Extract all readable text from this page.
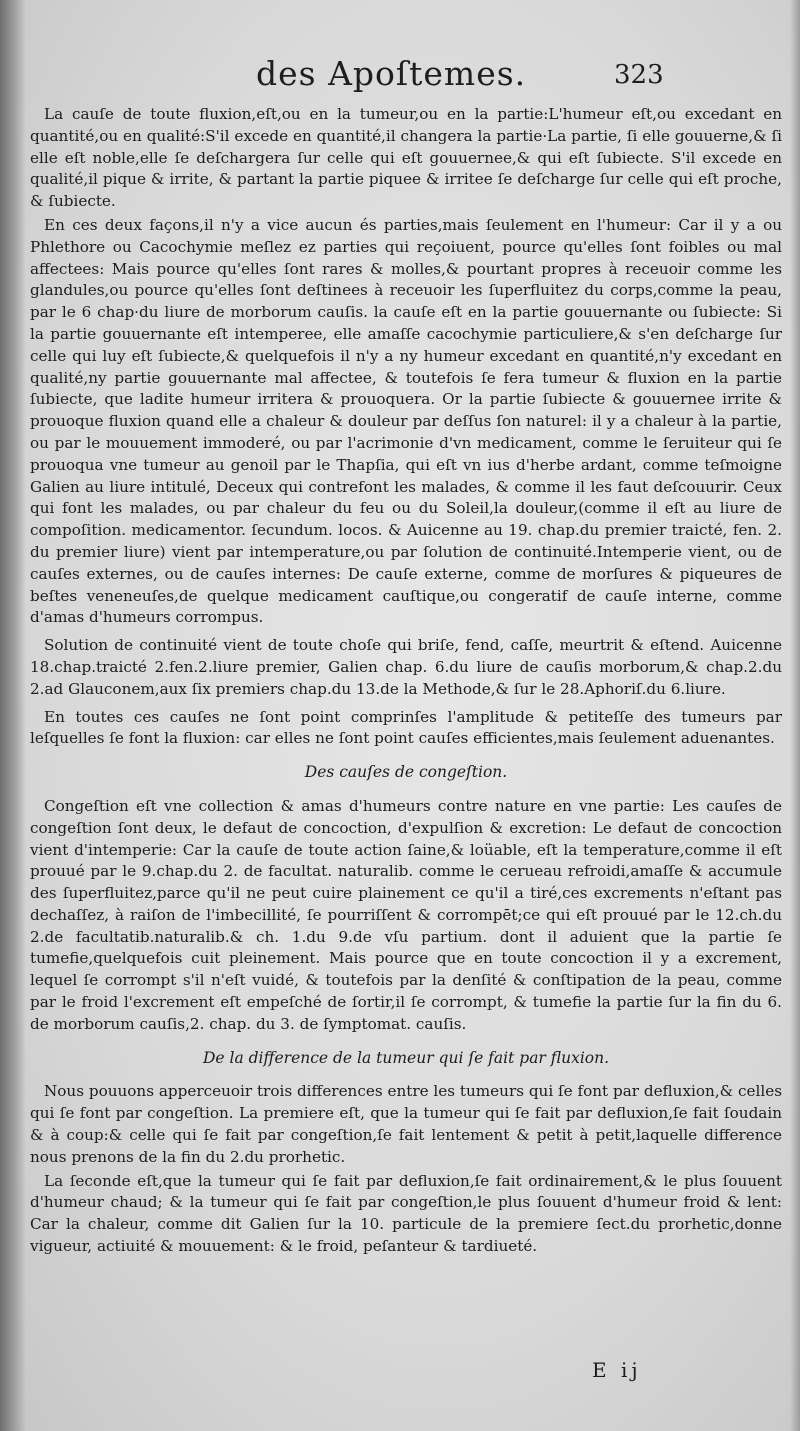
des Apoſtemes.	323

La cauſe de toute fluxion,eſt,ou en la tumeur,ou en la partie:L'humeur eſt,ou excedant en quantité,ou en qualité:S'il excede en quantité,il changera la partie·La partie, ſi elle gouuerne,& ſi elle eſt noble,elle ſe deſchargera ſur celle qui eſt gouuernee,& qui eſt ſubiecte. S'il excede en qualité,il pique & irrite, & partant la partie piquee & irritee ſe deſcharge ſur celle qui eſt proche, & ſubiecte.

En ces deux façons,il n'y a vice aucun és parties,mais ſeulement en l'humeur: Car il y a ou Phlethore ou Cacochymie meſlez ez parties qui reçoiuent, pource qu'elles ſont foibles ou mal affectees: Mais pource qu'elles ſont rares & molles,& pourtant propres à receuoir comme les glandules,ou pource qu'elles ſont deſtinees à receuoir les ſuperfluitez du corps,comme la peau, par le 6 chap·du liure de morborum cauſis. la cauſe eſt en la partie gouuernante ou ſubiecte: Si la partie gouuernante eſt intemperee, elle amaſſe cacochymie particuliere,& s'en deſcharge ſur celle qui luy eſt ſubiecte,& quelquefois il n'y a ny humeur excedant en quantité,n'y excedant en qualité,ny partie gouuernante mal affectee, & toutefois ſe fera tumeur & fluxion en la partie ſubiecte, que ladite humeur irritera & prouoquera. Or la partie ſubiecte & gouuernee irrite & prouoque fluxion quand elle a chaleur & douleur par deſſus ſon naturel: il y a chaleur à la partie, ou par le mouuement immoderé, ou par l'acrimonie d'vn medicament, comme le ſeruiteur qui ſe prouoqua vne tumeur au genoil par le Thapſia, qui eſt vn ius d'herbe ardant, comme teſmoigne Galien au liure intitulé, Deceux qui contrefont les malades, & comme il les faut deſcouurir. Ceux qui font les malades, ou par chaleur du feu ou du Soleil,la douleur,(comme il eſt au liure de compoſition. medicamentor. ſecundum. locos. & Auicenne au 19. chap.du premier traicté, fen. 2. du premier liure) vient par intemperature,ou par ſolution de continuité.Intemperie vient, ou de cauſes externes, ou de cauſes internes: De cauſe externe, comme de morſures & piqueures de beſtes veneneuſes,de quelque medicament cauſtique,ou congeratif de cauſe interne, comme d'amas d'humeurs corrompus.

Solution de continuité vient de toute choſe qui briſe, fend, caſſe, meurtrit & eſtend. Auicenne 18.chap.traicté 2.fen.2.liure premier, Galien chap. 6.du liure de cauſis morborum,& chap.2.du 2.ad Glauconem,aux ſix premiers chap.du 13.de la Methode,& ſur le 28.Aphoriſ.du 6.liure.

En toutes ces cauſes ne ſont point comprinſes l'amplitude & petiteſſe des tumeurs par leſquelles ſe font la fluxion: car elles ne ſont point cauſes efficientes,mais ſeulement aduenantes.

Des cauſes de congeſtion.

Congeſtion eſt vne collection & amas d'humeurs contre nature en vne partie: Les cauſes de congeſtion ſont deux, le defaut de concoction, d'expulſion & excretion: Le defaut de concoction vient d'intemperie: Car la cauſe de toute action ſaine,& loüable, eſt la temperature,comme il eſt prouué par le 9.chap.du 2. de facultat. naturalib. comme le cerueau refroidi,amaſſe & accumule des ſuperfluitez,parce qu'il ne peut cuire plainement ce qu'il a tiré,ces excrements n'eſtant pas dechaſſez, à raiſon de l'imbecillité, ſe pourriſſent & corrompēt;ce qui eſt prouué par le 12.ch.du 2.de facultatib.naturalib.& ch. 1.du 9.de vſu partium. dont il aduient que la partie ſe tumefie,quelquefois cuit pleinement. Mais pource que en toute concoction il y a excrement, lequel ſe corrompt s'il n'eſt vuidé, & toutefois par la denſité & conſtipation de la peau, comme par le froid l'excrement eſt empeſché de ſortir,il ſe corrompt, & tumefie la partie ſur la fin du 6. de morborum cauſis,2. chap. du 3. de ſymptomat. cauſis.

De la difference de la tumeur qui ſe fait par fluxion.

Nous pouuons apperceuoir trois differences entre les tumeurs qui ſe font par defluxion,& celles qui ſe font par congeſtion. La premiere eſt, que la tumeur qui ſe fait par defluxion,ſe fait ſoudain & à coup:& celle qui ſe fait par congeſtion,ſe fait lentement & petit à petit,laquelle difference nous prenons de la fin du 2.du prorhetic.

La ſeconde eſt,que la tumeur qui ſe fait par defluxion,ſe fait ordinairement,& le plus ſouuent d'humeur chaud; & la tumeur qui ſe fait par congeſtion,le plus ſouuent d'humeur froid & lent: Car la chaleur, comme dit Galien ſur la 10. particule de la premiere ſect.du prorhetic,donne vigueur, actiuité & mouuement: & le froid, peſanteur & tardiueté.

E ij
